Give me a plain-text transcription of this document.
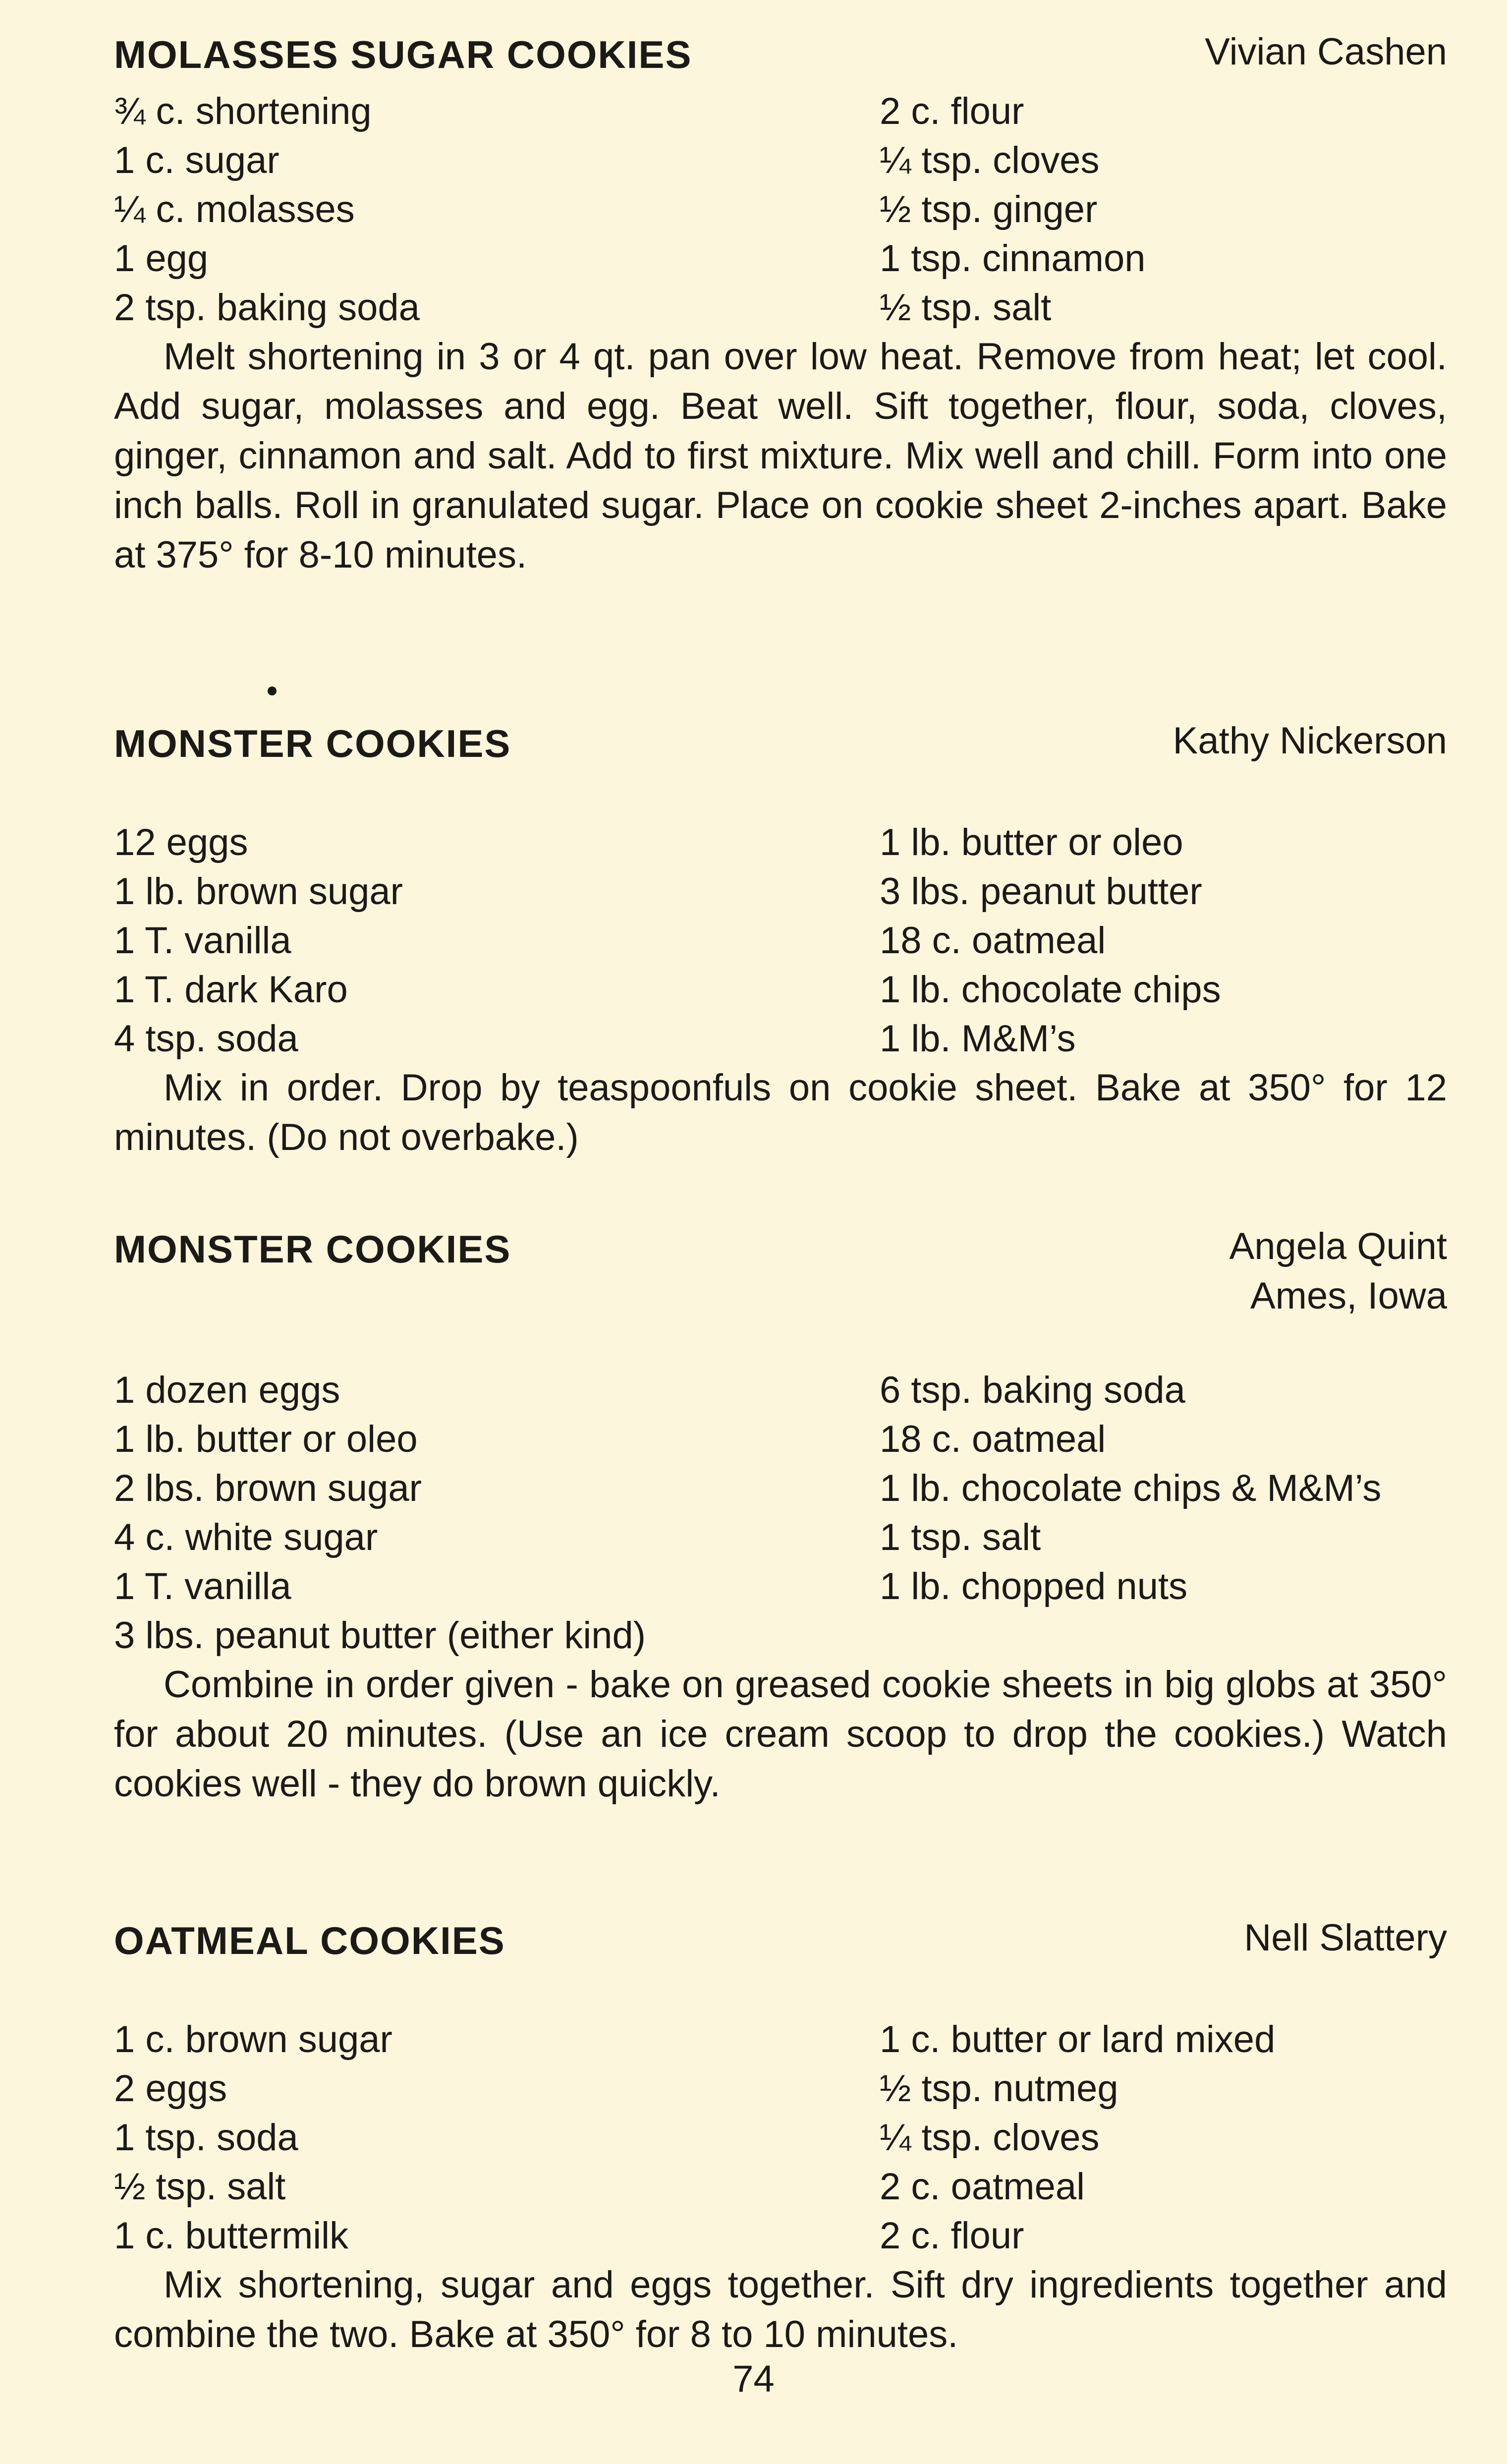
MOLASSES SUGAR COOKIES	Vivian Cashen
¾ c. shortening
1 c. sugar
¼ c. molasses
1 egg
2 tsp. baking soda
2 c. flour
¼ tsp. cloves
½ tsp. ginger
1 tsp. cinnamon
½ tsp. salt

Melt shortening in 3 or 4 qt. pan over low heat. Remove from heat; let cool. Add sugar, molasses and egg. Beat well. Sift together, flour, soda, cloves, ginger, cinnamon and salt. Add to first mixture. Mix well and chill. Form into one inch balls. Roll in granulated sugar. Place on cookie sheet 2-inches apart. Bake at 375° for 8-10 minutes.

MONSTER COOKIES	Kathy Nickerson
12 eggs
1 lb. brown sugar
1 T. vanilla
1 T. dark Karo
4 tsp. soda
1 lb. butter or oleo
3 lbs. peanut butter
18 c. oatmeal
1 lb. chocolate chips
1 lb. M&M’s

Mix in order. Drop by teaspoonfuls on cookie sheet. Bake at 350° for 12 minutes. (Do not overbake.)

MONSTER COOKIES	Angela Quint
Ames, Iowa
1 dozen eggs
1 lb. butter or oleo
2 lbs. brown sugar
4 c. white sugar
1 T. vanilla
6 tsp. baking soda
18 c. oatmeal
1 lb. chocolate chips & M&M’s
1 tsp. salt
1 lb. chopped nuts
3 lbs. peanut butter (either kind)

Combine in order given - bake on greased cookie sheets in big globs at 350° for about 20 minutes. (Use an ice cream scoop to drop the cookies.) Watch cookies well - they do brown quickly.

OATMEAL COOKIES	Nell Slattery
1 c. brown sugar
2 eggs
1 tsp. soda
½ tsp. salt
1 c. buttermilk
1 c. butter or lard mixed
½ tsp. nutmeg
¼ tsp. cloves
2 c. oatmeal
2 c. flour

Mix shortening, sugar and eggs together. Sift dry ingredients together and combine the two. Bake at 350° for 8 to 10 minutes.

74
